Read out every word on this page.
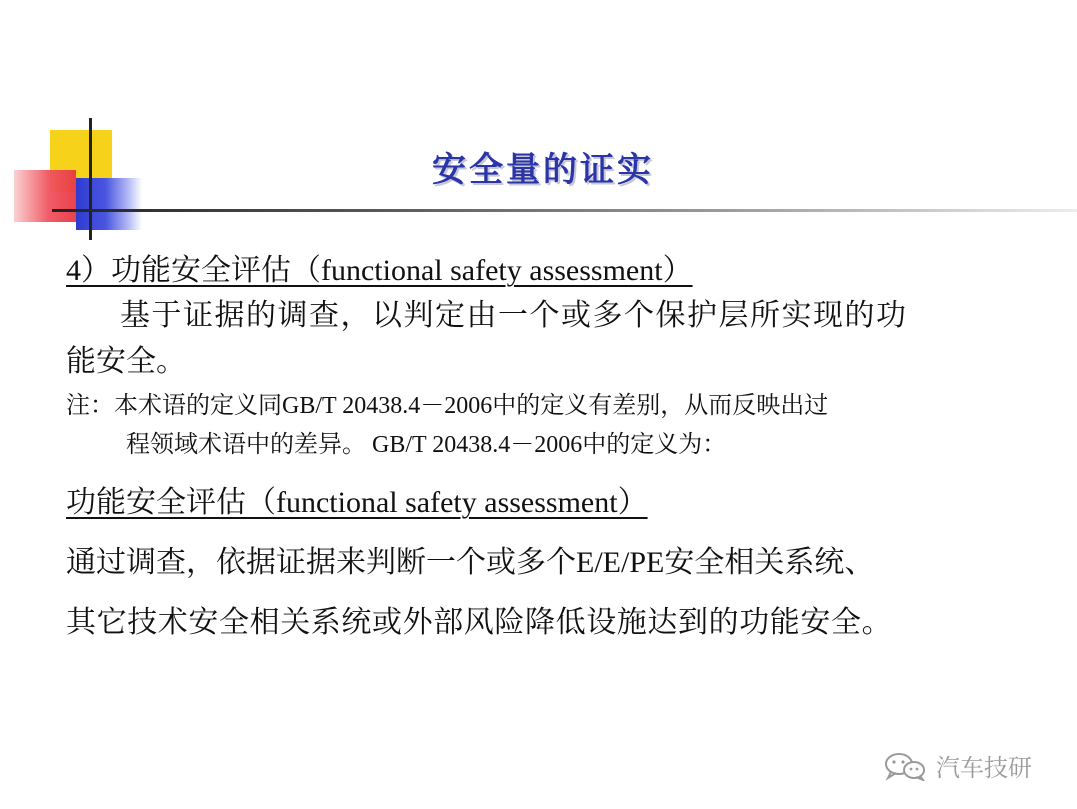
安全量的证实

4）功能安全评估（functional safety assessment）

基于证据的调查，以判定由一个或多个保护层所实现的功

能安全。

注：本术语的定义同GB/T 20438.4－2006中的定义有差别，从而反映出过

程领域术语中的差异。 GB/T 20438.4－2006中的定义为：

功能安全评估（functional safety assessment）

通过调查，依据证据来判断一个或多个E/E/PE安全相关系统、

其它技术安全相关系统或外部风险降低设施达到的功能安全。

汽车技研
